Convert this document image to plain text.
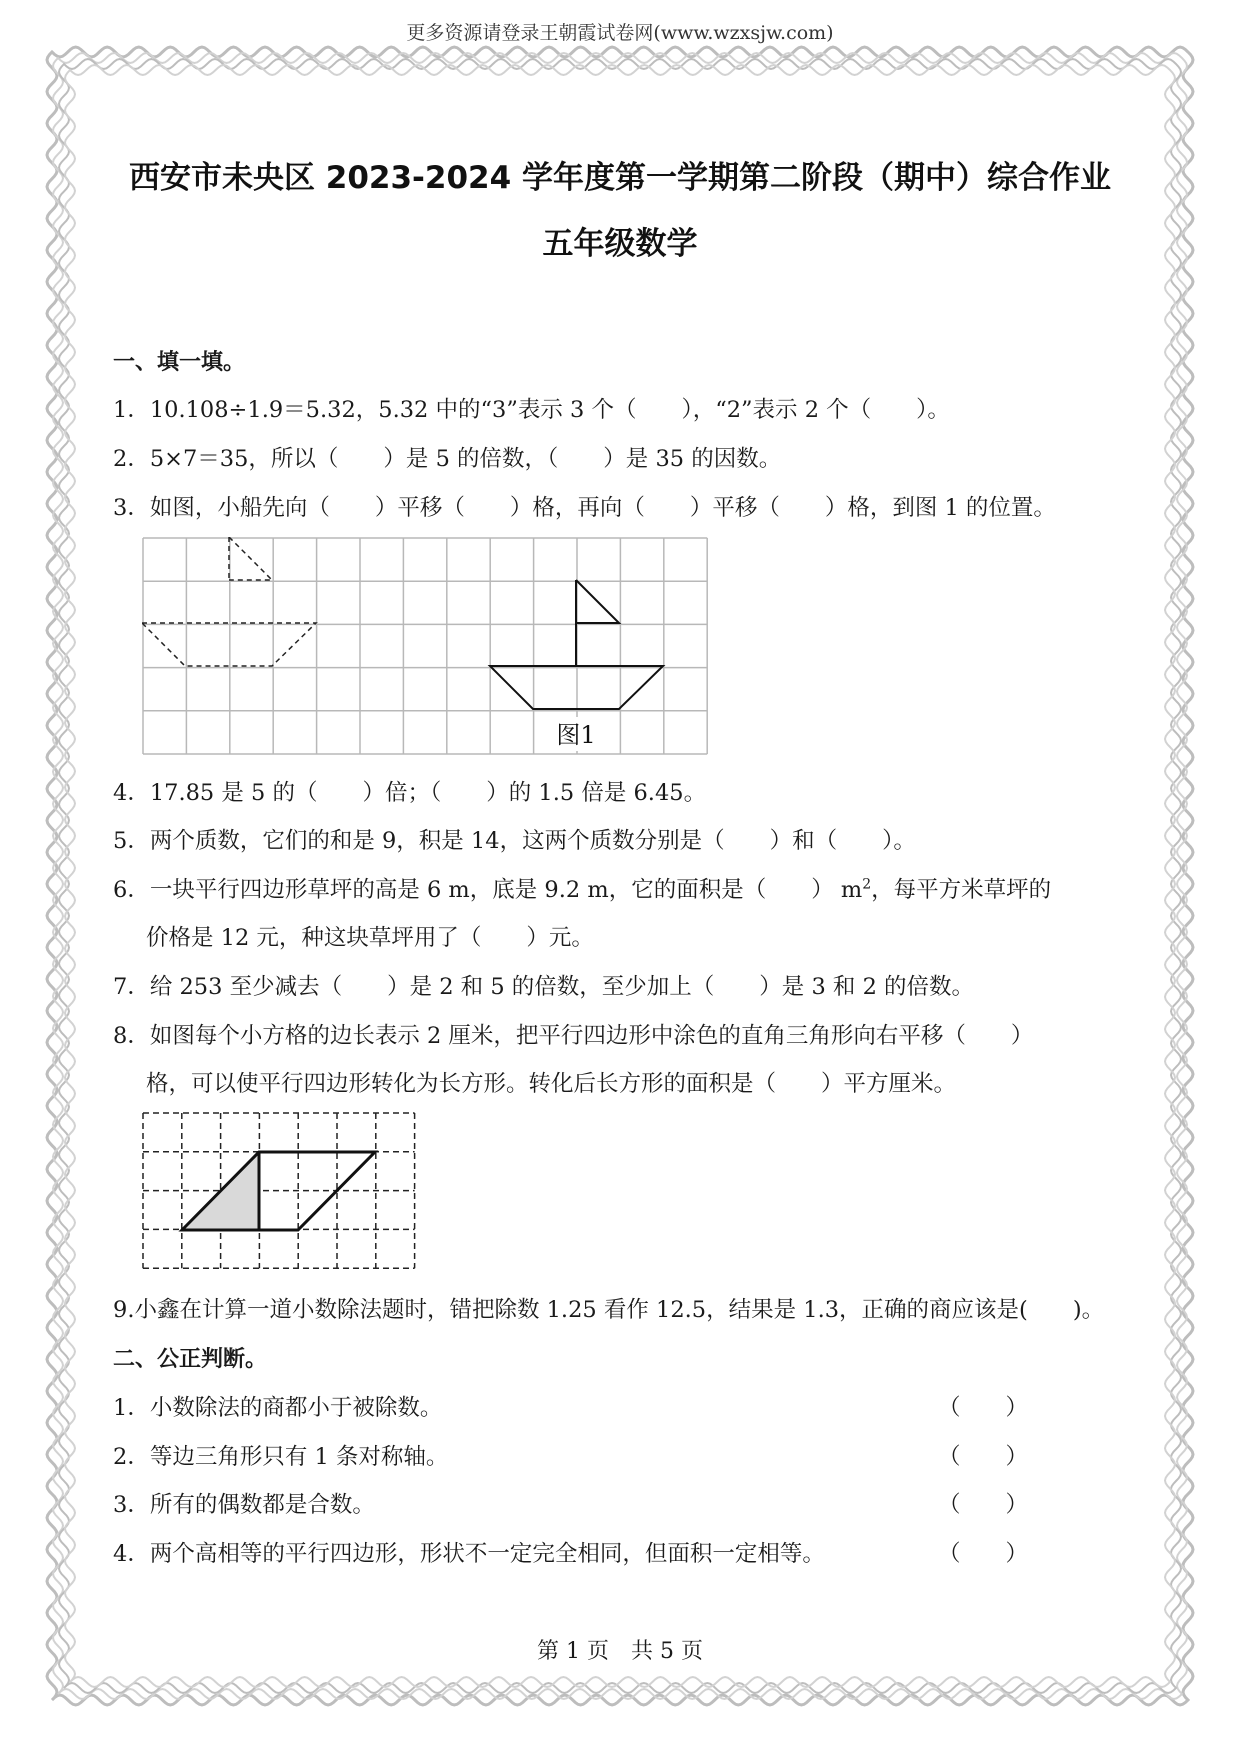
更多资源请登录王朝霞试卷网(www.wzxsjw.com)
西安市未央区 2023-2024 学年度第一学期第二阶段（期中）综合作业
五年级数学
一、填一填。
1．10.108÷1.9＝5.32，5.32 中的“3”表示 3 个（　　），“2”表示 2 个（　　）。
2．5×7＝35，所以（　　）是 5 的倍数，（　　）是 35 的因数。
3．如图，小船先向（　　）平移（　　）格，再向（　　）平移（　　）格，到图 1 的位置。
图1
4．17.85 是 5 的（　　）倍；（　　）的 1.5 倍是 6.45。
5．两个质数，它们的和是 9，积是 14，这两个质数分别是（　　）和（　　）。
6．一块平行四边形草坪的高是 6 m，底是 9.2 m，它的面积是（　　） $m^2$，每平方米草坪的
价格是 12 元，种这块草坪用了（　　）元。
7．给 253 至少减去（　　）是 2 和 5 的倍数，至少加上（　　）是 3 和 2 的倍数。
8．如图每个小方格的边长表示 2 厘米，把平行四边形中涂色的直角三角形向右平移（　　）
格，可以使平行四边形转化为长方形。转化后长方形的面积是（　　）平方厘米。
9.小鑫在计算一道小数除法题时，错把除数 1.25 看作 12.5，结果是 1.3，正确的商应该是(　　)。
二、公正判断。
1．小数除法的商都小于被除数。	（　　）
2．等边三角形只有 1 条对称轴。	（　　）
3．所有的偶数都是合数。	（　　）
4．两个高相等的平行四边形，形状不一定完全相同，但面积一定相等。	（　　）
第 1 页　共 5 页
